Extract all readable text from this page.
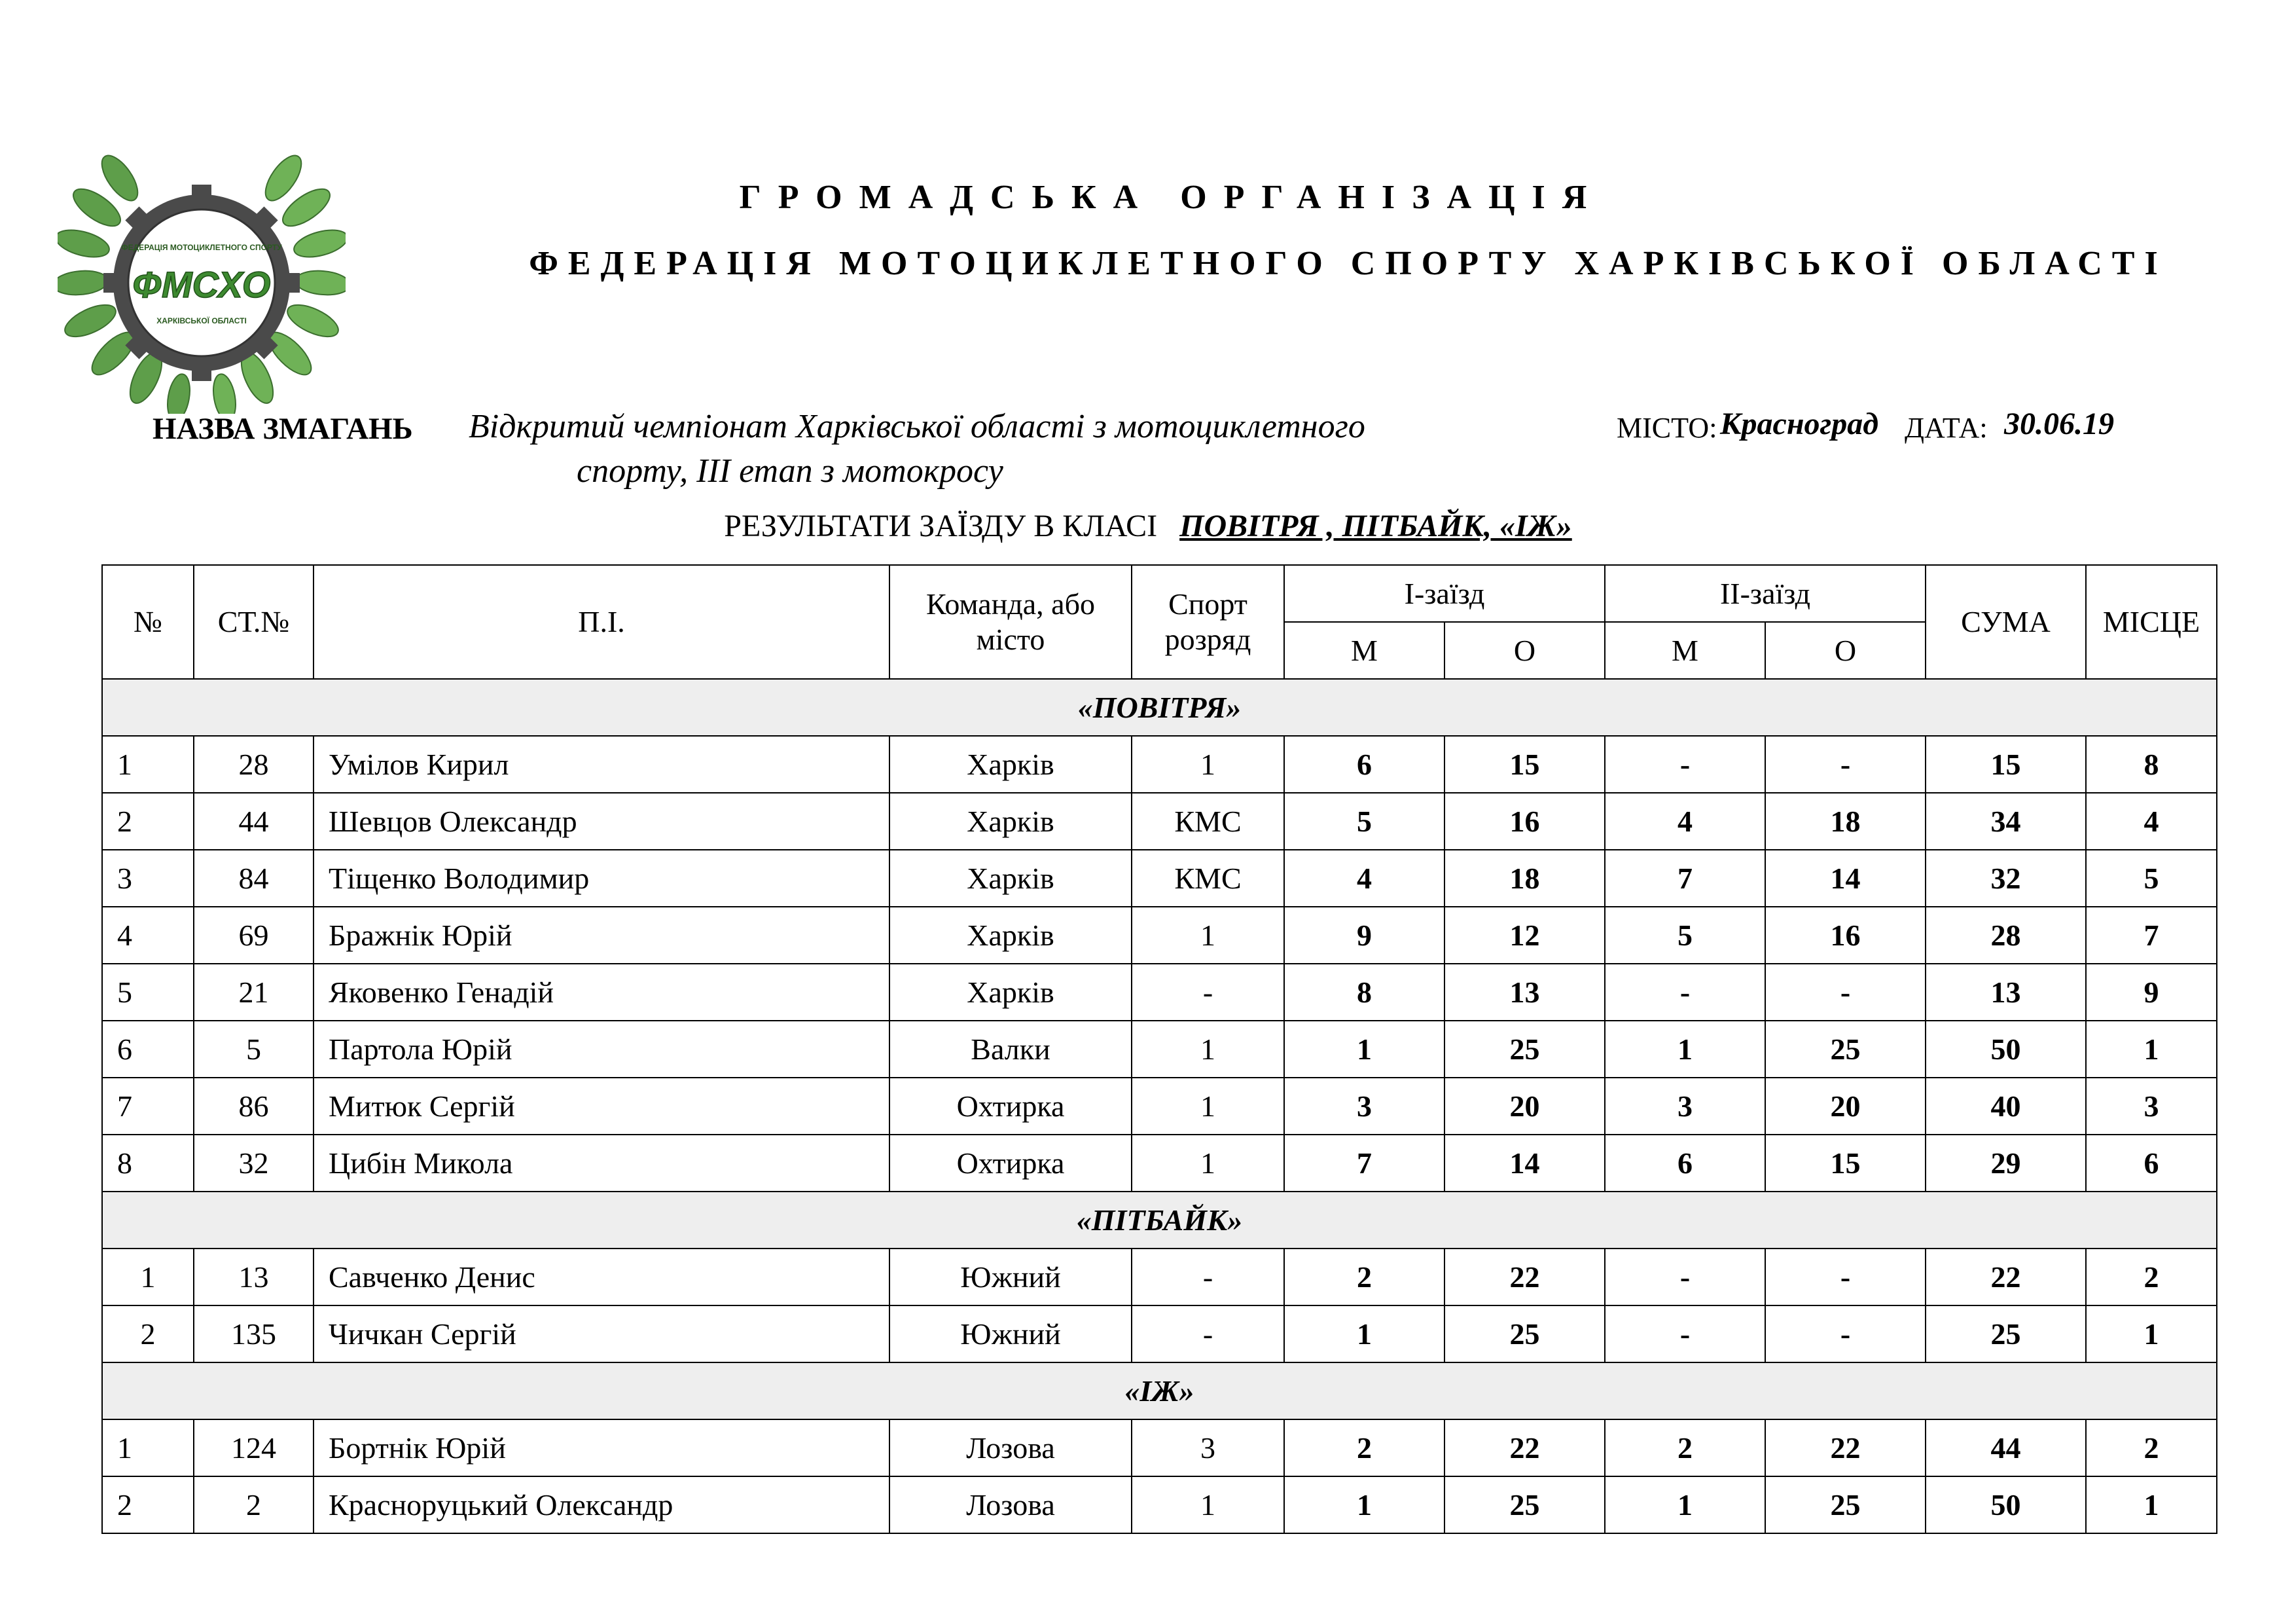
ФЕДЕРАЦІЯ МОТОЦИКЛЕТНОГО СПОРТУ
ФМСХО
ХАРКІВСЬКОЇ ОБЛАСТІ
ГРОМАДСЬКА ОРГАНІЗАЦІЯ
ФЕДЕРАЦІЯ МОТОЦИКЛЕТНОГО СПОРТУ ХАРКІВСЬКОЇ ОБЛАСТІ
НАЗВА ЗМАГАНЬ Відкритий чемпіонат Харківської області з мотоциклетного
спорту, ІІІ етап з мотокросу
МІСТО: Красноград ДАТА: 30.06.19
РЕЗУЛЬТАТИ ЗАЇЗДУ В КЛАСІ ПОВІТРЯ , ПІТБАЙК, «ІЖ»
№	СТ.№	П.І.	Команда, або місто	Спорт розряд	І-заїзд		ІІ-заїзд		СУМА	МІСЦЕ
					М	О	М	О		
«ПОВІТРЯ»										
1	28	Умілов Кирил	Харків	1	6	15	-	-	15	8
2	44	Шевцов Олександр	Харків	КМС	5	16	4	18	34	4
3	84	Тіщенко Володимир	Харків	КМС	4	18	7	14	32	5
4	69	Бражнік Юрій	Харків	1	9	12	5	16	28	7
5	21	Яковенко Генадій	Харків	-	8	13	-	-	13	9
6	5	Партола Юрій	Валки	1	1	25	1	25	50	1
7	86	Митюк Сергій	Охтирка	1	3	20	3	20	40	3
8	32	Цибін Микола	Охтирка	1	7	14	6	15	29	6
«ПІТБАЙК»										
1	13	Савченко Денис	Южний	-	2	22	-	-	22	2
2	135	Чичкан Сергій	Южний	-	1	25	-	-	25	1
«ІЖ»										
1	124	Бортнік Юрій	Лозова	3	2	22	2	22	44	2
2	2	Красноруцький Олександр	Лозова	1	1	25	1	25	50	1
